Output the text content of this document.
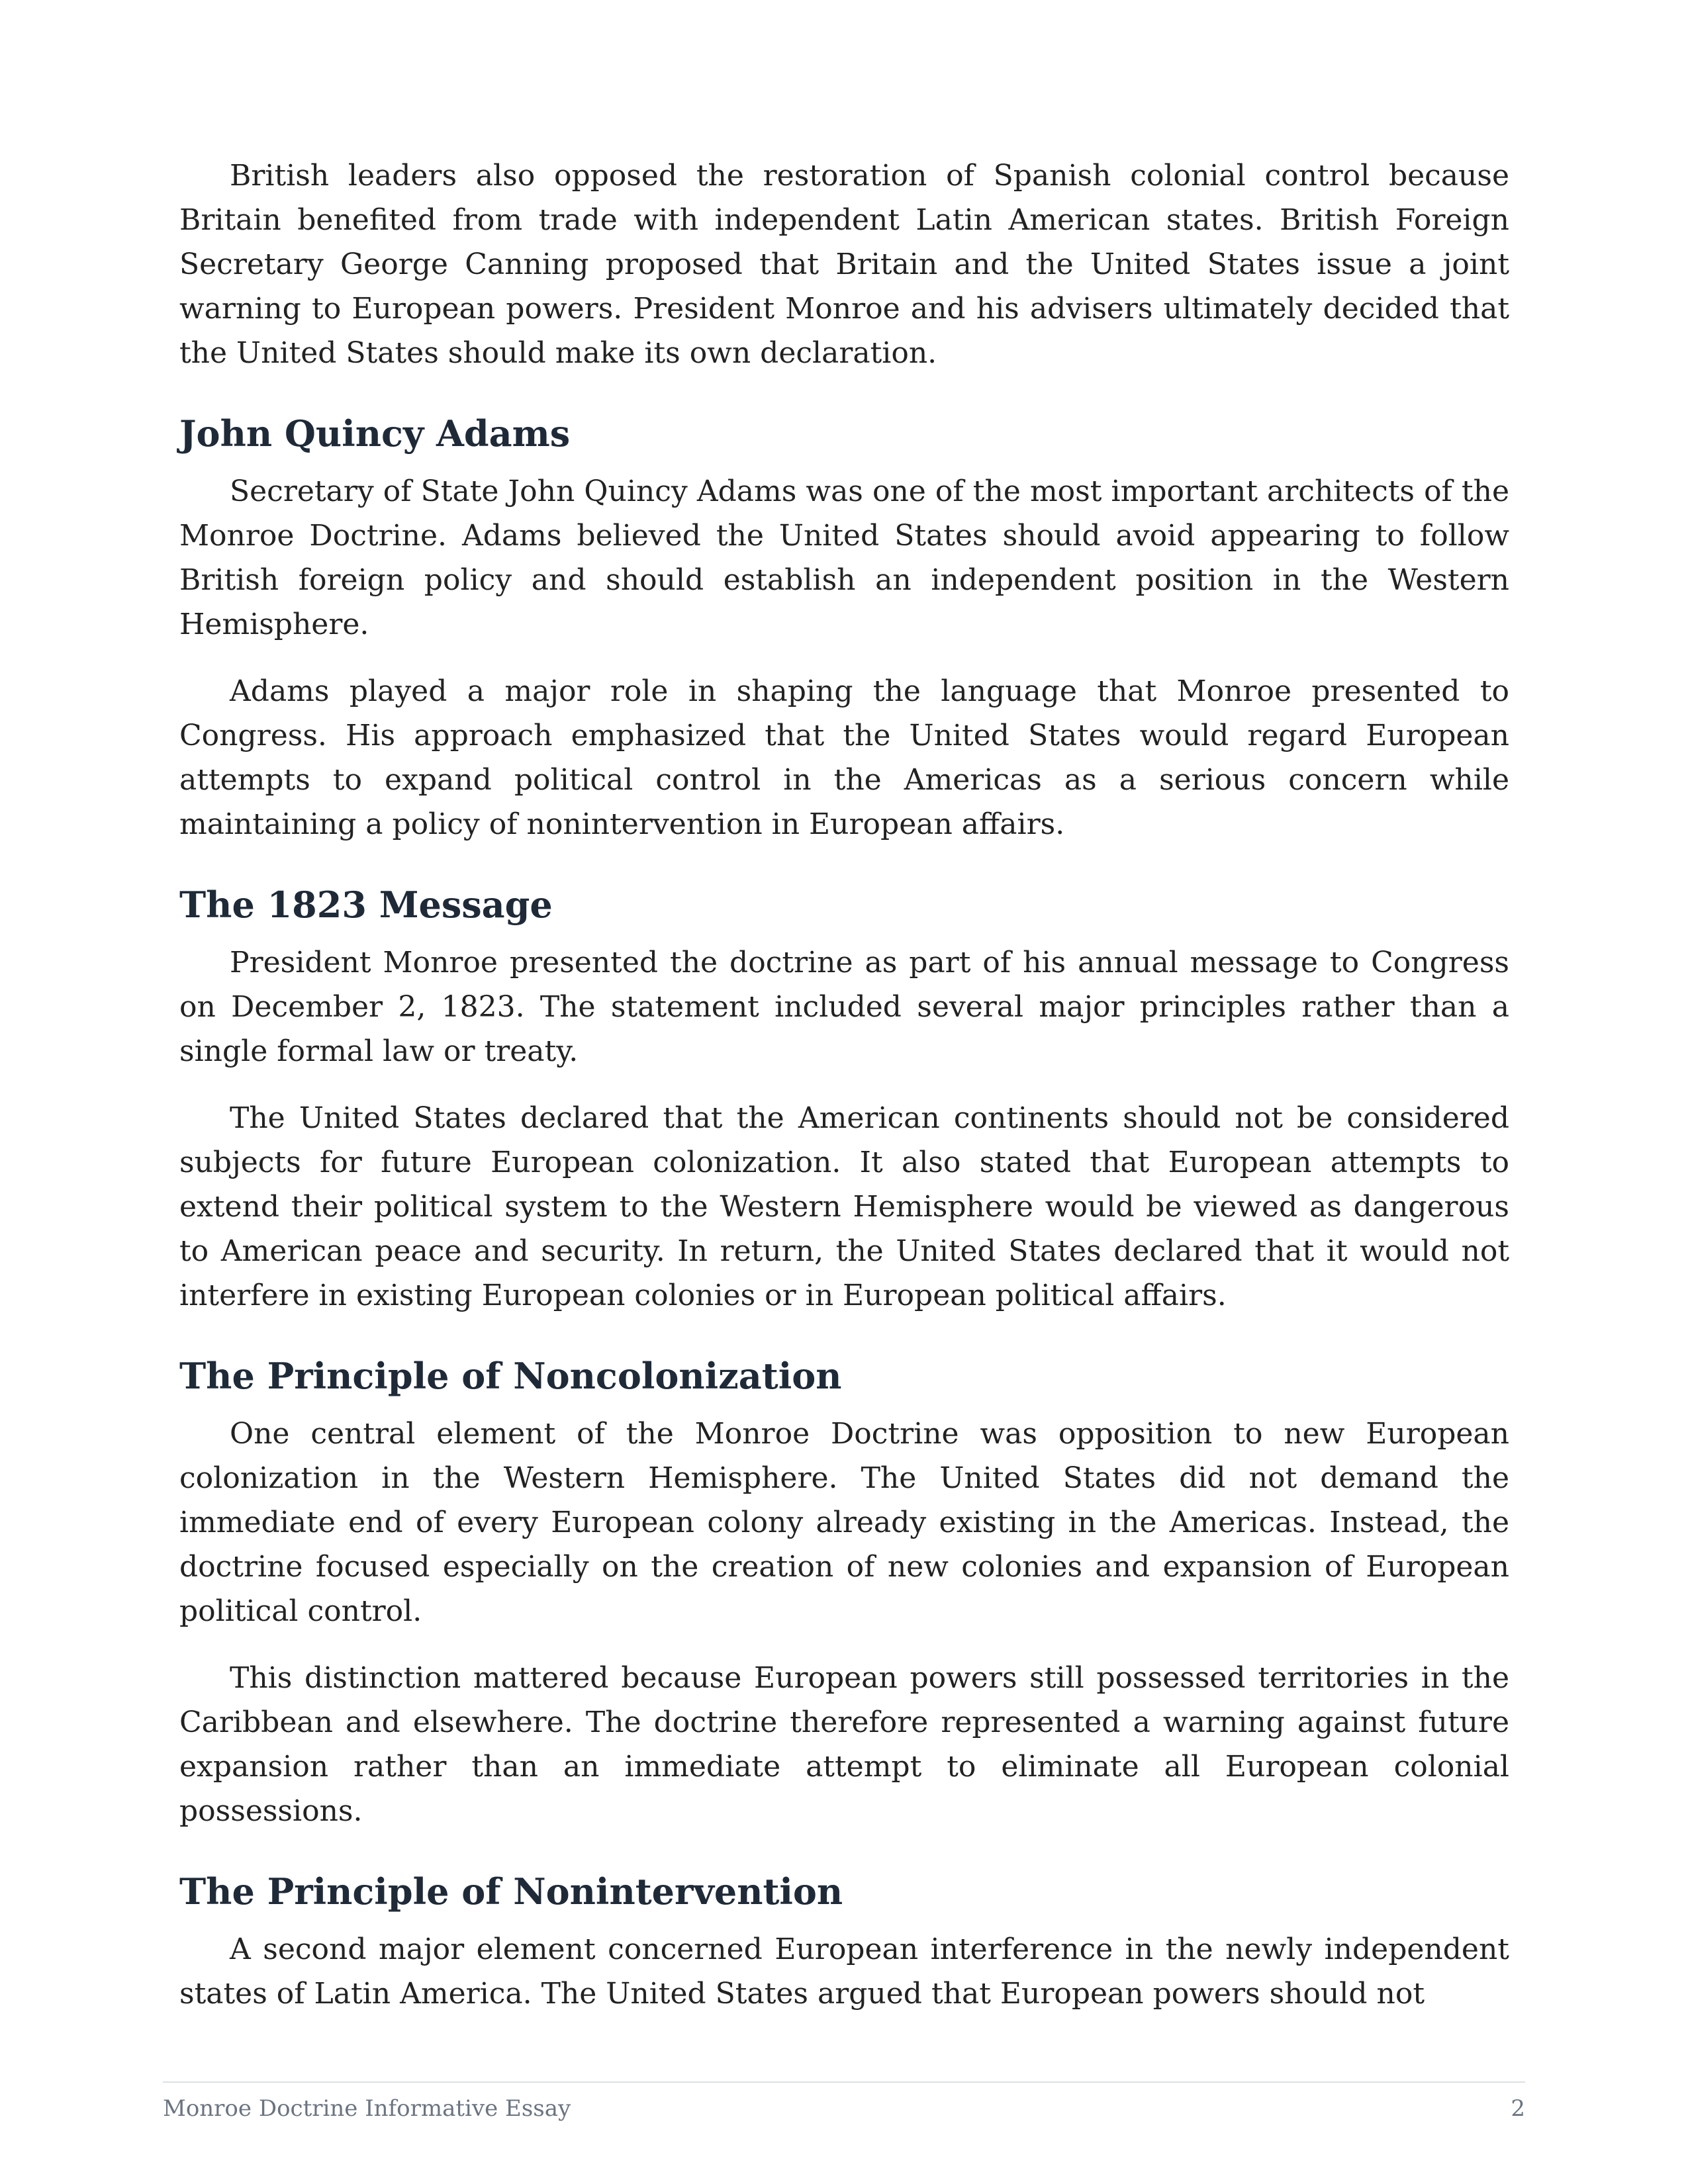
British leaders also opposed the restoration of Spanish colonial control because Britain benefited from trade with independent Latin American states. British Foreign Secretary George Canning proposed that Britain and the United States issue a joint warning to European powers. President Monroe and his advisers ultimately decided that the United States should make its own declaration.

John Quincy Adams

Secretary of State John Quincy Adams was one of the most important architects of the Monroe Doctrine. Adams believed the United States should avoid appearing to follow British foreign policy and should establish an independent position in the Western Hemisphere.

Adams played a major role in shaping the language that Monroe presented to Congress. His approach emphasized that the United States would regard European attempts to expand political control in the Americas as a serious concern while maintaining a policy of nonintervention in European affairs.

The 1823 Message

President Monroe presented the doctrine as part of his annual message to Congress on December 2, 1823. The statement included several major principles rather than a single formal law or treaty.

The United States declared that the American continents should not be considered subjects for future European colonization. It also stated that European attempts to extend their political system to the Western Hemisphere would be viewed as dangerous to American peace and security. In return, the United States declared that it would not interfere in existing European colonies or in European political affairs.

The Principle of Noncolonization

One central element of the Monroe Doctrine was opposition to new European colonization in the Western Hemisphere. The United States did not demand the immediate end of every European colony already existing in the Americas. Instead, the doctrine focused especially on the creation of new colonies and expansion of European political control.

This distinction mattered because European powers still possessed territories in the Caribbean and elsewhere. The doctrine therefore represented a warning against future expansion rather than an immediate attempt to eliminate all European colonial possessions.

The Principle of Nonintervention

A second major element concerned European interference in the newly independent states of Latin America. The United States argued that European powers should not

Monroe Doctrine Informative Essay	2
